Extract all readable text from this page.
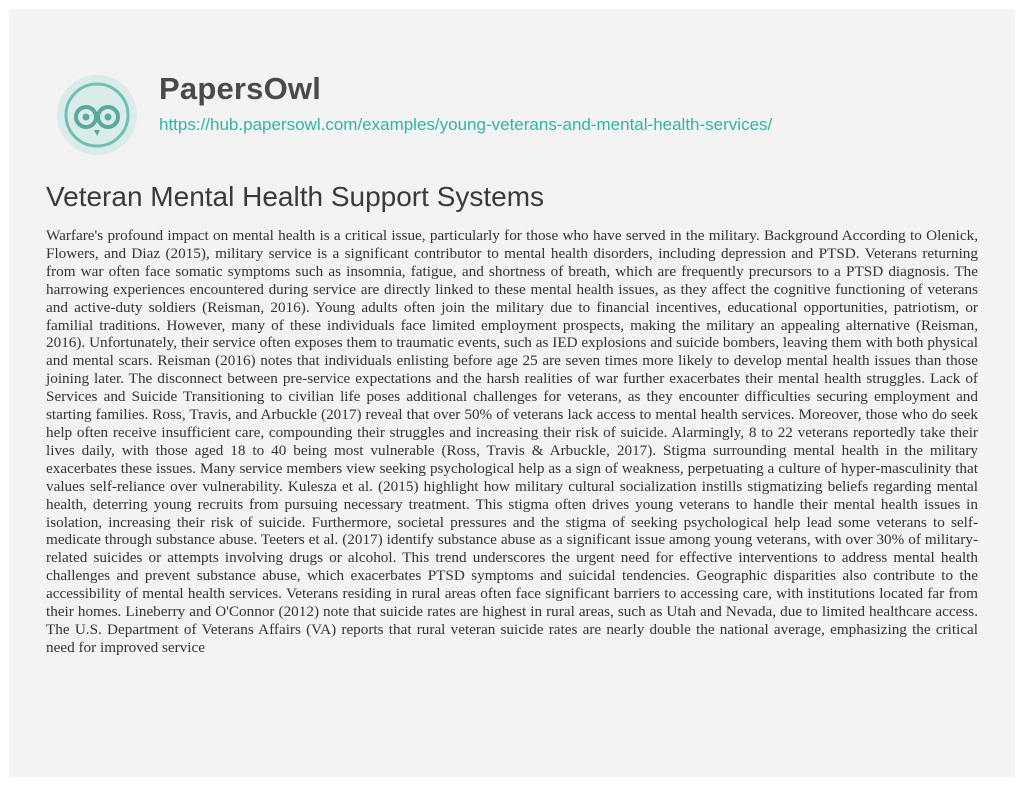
PapersOwl
https://hub.papersowl.com/examples/young-veterans-and-mental-health-services/
Veteran Mental Health Support Systems

Warfare's profound impact on mental health is a critical issue, particularly for those who have served in the military. Background According to Olenick, Flowers, and Diaz (2015), military service is a significant contributor to mental health disorders, including depression and PTSD. Veterans returning from war often face somatic symptoms such as insomnia, fatigue, and shortness of breath, which are frequently precursors to a PTSD diagnosis. The harrowing experiences encountered during service are directly linked to these mental health issues, as they affect the cognitive functioning of veterans and active-duty soldiers (Reisman, 2016). Young adults often join the military due to financial incentives, educational opportunities, patriotism, or familial traditions. However, many of these individuals face limited employment prospects, making the military an appealing alternative (Reisman, 2016). Unfortunately, their service often exposes them to traumatic events, such as IED explosions and suicide bombers, leaving them with both physical and mental scars. Reisman (2016) notes that individuals enlisting before age 25 are seven times more likely to develop mental health issues than those joining later. The disconnect between pre-service expectations and the harsh realities of war further exacerbates their mental health struggles. Lack of Services and Suicide Transitioning to civilian life poses additional challenges for veterans, as they encounter difficulties securing employment and starting families. Ross, Travis, and Arbuckle (2017) reveal that over 50% of veterans lack access to mental health services. Moreover, those who do seek help often receive insufficient care, compounding their struggles and increasing their risk of suicide. Alarmingly, 8 to 22 veterans reportedly take their lives daily, with those aged 18 to 40 being most vulnerable (Ross, Travis & Arbuckle, 2017). Stigma surrounding mental health in the military exacerbates these issues. Many service members view seeking psychological help as a sign of weakness, perpetuating a culture of hyper-masculinity that values self-reliance over vulnerability. Kulesza et al. (2015) highlight how military cultural socialization instills stigmatizing beliefs regarding mental health, deterring young recruits from pursuing necessary treatment. This stigma often drives young veterans to handle their mental health issues in isolation, increasing their risk of suicide. Furthermore, societal pressures and the stigma of seeking psychological help lead some veterans to self-medicate through substance abuse. Teeters et al. (2017) identify substance abuse as a significant issue among young veterans, with over 30% of military-related suicides or attempts involving drugs or alcohol. This trend underscores the urgent need for effective interventions to address mental health challenges and prevent substance abuse, which exacerbates PTSD symptoms and suicidal tendencies. Geographic disparities also contribute to the accessibility of mental health services. Veterans residing in rural areas often face significant barriers to accessing care, with institutions located far from their homes. Lineberry and O'Connor (2012) note that suicide rates are highest in rural areas, such as Utah and Nevada, due to limited healthcare access. The U.S. Department of Veterans Affairs (VA) reports that rural veteran suicide rates are nearly double the national average, emphasizing the critical need for improved service
